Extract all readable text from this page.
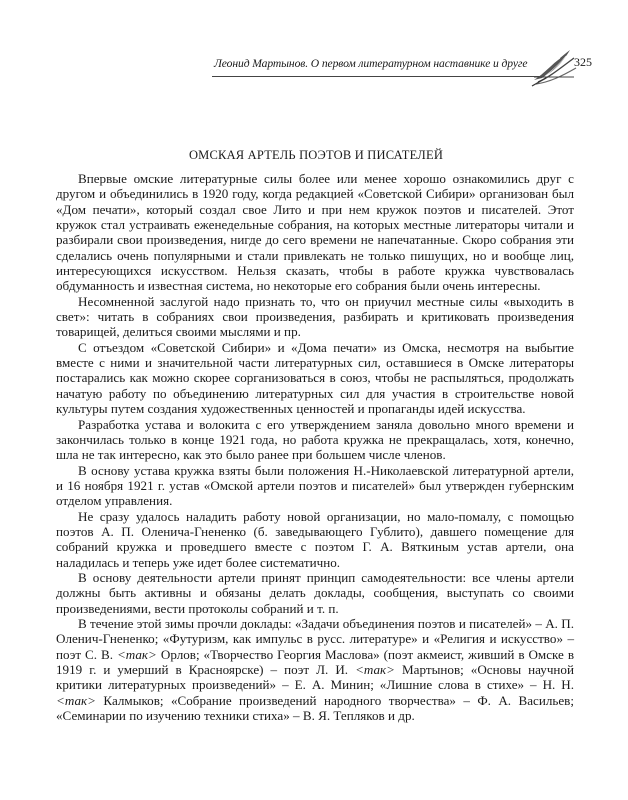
Леонид Мартынов. О первом литературном наставнике и друге	325
ОМСКАЯ АРТЕЛЬ ПОЭТОВ И ПИСАТЕЛЕЙ

Впервые омские литературные силы более или менее хорошо ознакомились друг с другом и объединились в 1920 году, когда редакцией «Советской Сибири» организован был «Дом печати», который создал свое Лито и при нем кружок поэтов и писателей. Этот кружок стал устраивать еженедельные собрания, на которых местные литераторы читали и разбирали свои произведения, нигде до сего времени не напечатанные. Скоро собрания эти сделались очень популярными и стали привлекать не только пишущих, но и вообще лиц, интересующихся искусством. Нельзя сказать, чтобы в работе кружка чувствовалась обдуманность и известная система, но некоторые его собрания были очень интересны.

Несомненной заслугой надо признать то, что он приучил местные силы «выходить в свет»: читать в собраниях свои произведения, разбирать и критиковать произведения товарищей, делиться своими мыслями и пр.

С отъездом «Советской Сибири» и «Дома печати» из Омска, несмотря на выбытие вместе с ними и значительной части литературных сил, оставшиеся в Омске литераторы постарались как можно скорее сорганизоваться в союз, чтобы не распыляться, продолжать начатую работу по объединению литературных сил для участия в строительстве новой культуры путем создания художественных ценностей и пропаганды идей искусства.

Разработка устава и волокита с его утверждением заняла довольно много времени и закончилась только в конце 1921 года, но работа кружка не прекращалась, хотя, конечно, шла не так интересно, как это было ранее при большем числе членов.

В основу устава кружка взяты были положения Н.-Николаевской литературной артели, и 16 ноября 1921 г. устав «Омской артели поэтов и писателей» был утвержден губернским отделом управления.

Не сразу удалось наладить работу новой организации, но мало-помалу, с помощью поэтов А. П. Оленича-Гнененко (б. заведывающего Гублито), давшего помещение для собраний кружка и проведшего вместе с поэтом Г. А. Вяткиным устав артели, она наладилась и теперь уже идет более систематично.

В основу деятельности артели принят принцип самодеятельности: все члены артели должны быть активны и обязаны делать доклады, сообщения, выступать со своими произведениями, вести протоколы собраний и т. п.

В течение этой зимы прочли доклады: «Задачи объединения поэтов и писателей» – А. П. Оленич-Гнененко; «Футуризм, как импульс в русс. литературе» и «Религия и искусство» – поэт С. В. <так> Орлов; «Творчество Георгия Маслова» (поэт акмеист, живший в Омске в 1919 г. и умерший в Красноярске) – поэт Л. И. <так> Мартынов; «Основы научной критики литературных произведений» – Е. А. Минин; «Лишние слова в стихе» – Н. Н. <так> Калмыков; «Собрание произведений народного творчества» – Ф. А. Васильев; «Семинарии по изучению техники стиха» – В. Я. Тепляков и др.
